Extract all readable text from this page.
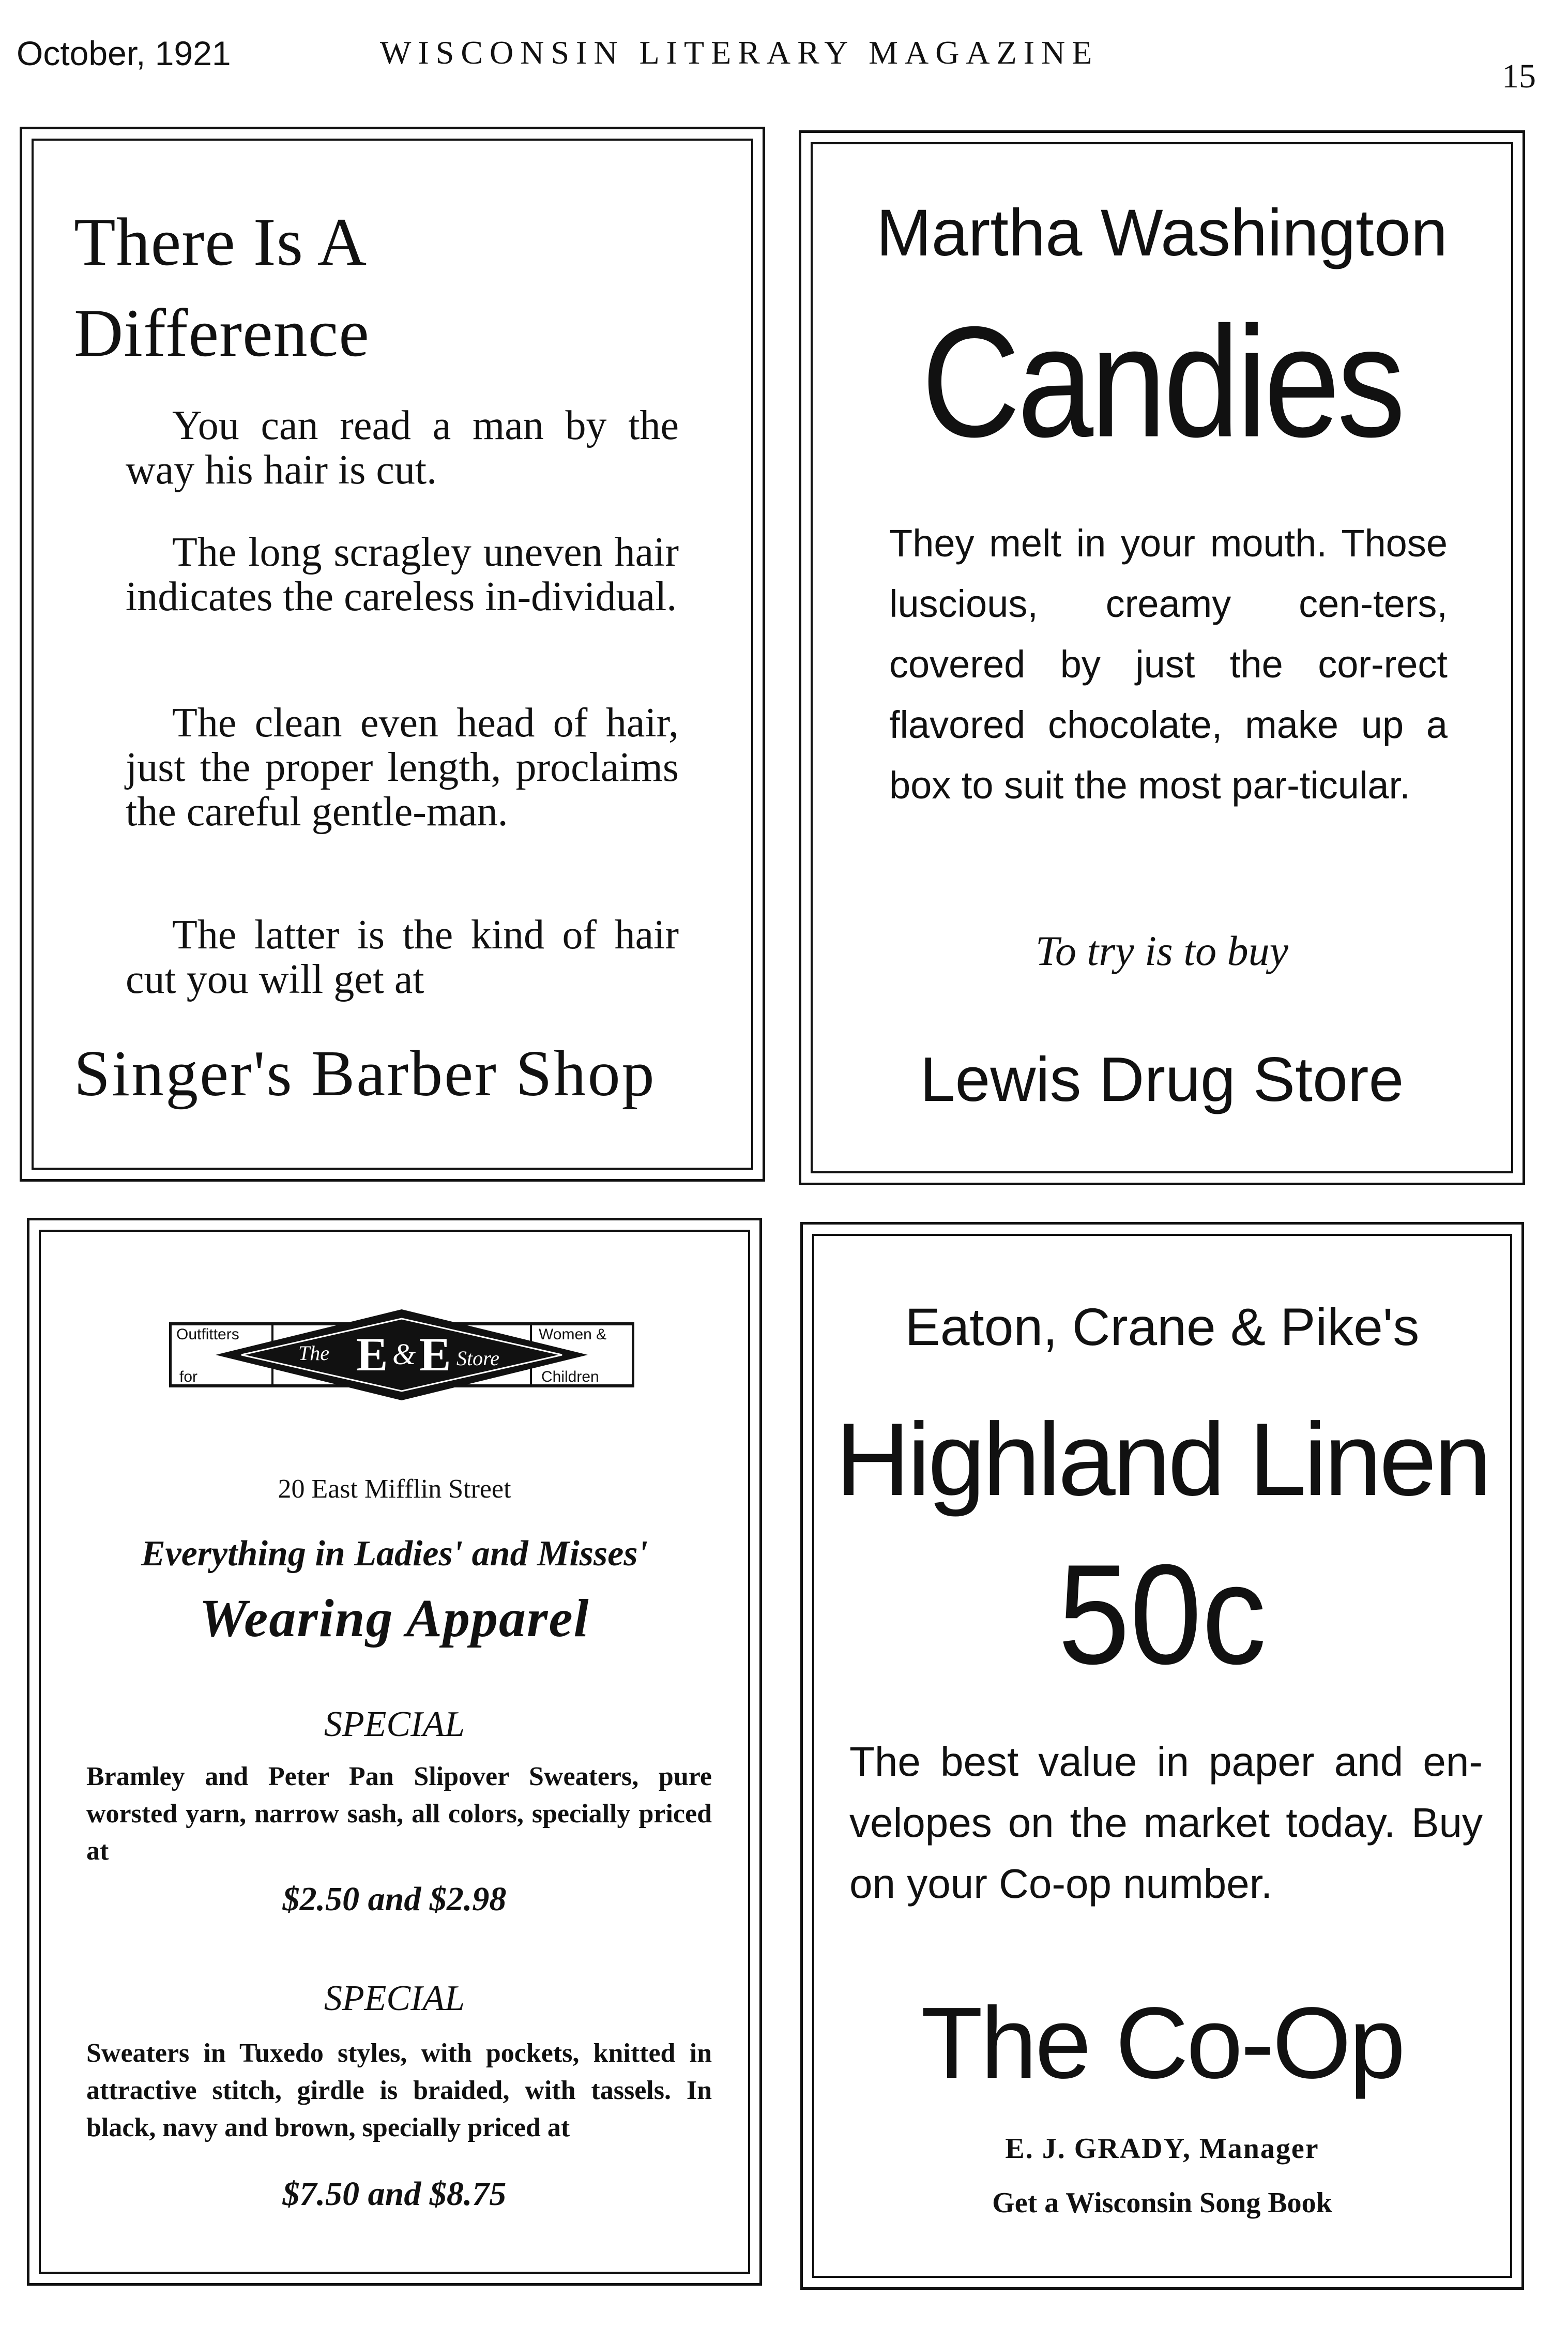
October, 1921	WISCONSIN LITERARY MAGAZINE
15
There Is A
Difference
You can read a man by the way his hair is cut.
The long scragley uneven hair indicates the careless in-dividual.
The clean even head of hair, just the proper length, proclaims the careful gentle-man.
The latter is the kind of hair cut you will get at
Singer's Barber Shop
Martha Washington
Candies
They melt in your mouth. Those luscious, creamy cen-ters, covered by just the cor-rect flavored chocolate, make up a box to suit the most par-ticular.
To try is to buy
Lewis Drug Store
Outfitters
for
Women &
Children
The E & E Store
20 East Mifflin Street
Everything in Ladies' and Misses'
Wearing Apparel
SPECIAL
Bramley and Peter Pan Slipover Sweaters, pure worsted yarn, narrow sash, all colors, specially priced at
$2.50 and $2.98
SPECIAL
Sweaters in Tuxedo styles, with pockets, knitted in attractive stitch, girdle is braided, with tassels. In black, navy and brown, specially priced at
$7.50 and $8.75
Eaton, Crane & Pike's
Highland Linen
50c
The best value in paper and en-velopes on the market today. Buy on your Co-op number.
The Co-Op
E. J. GRADY, Manager
Get a Wisconsin Song Book
